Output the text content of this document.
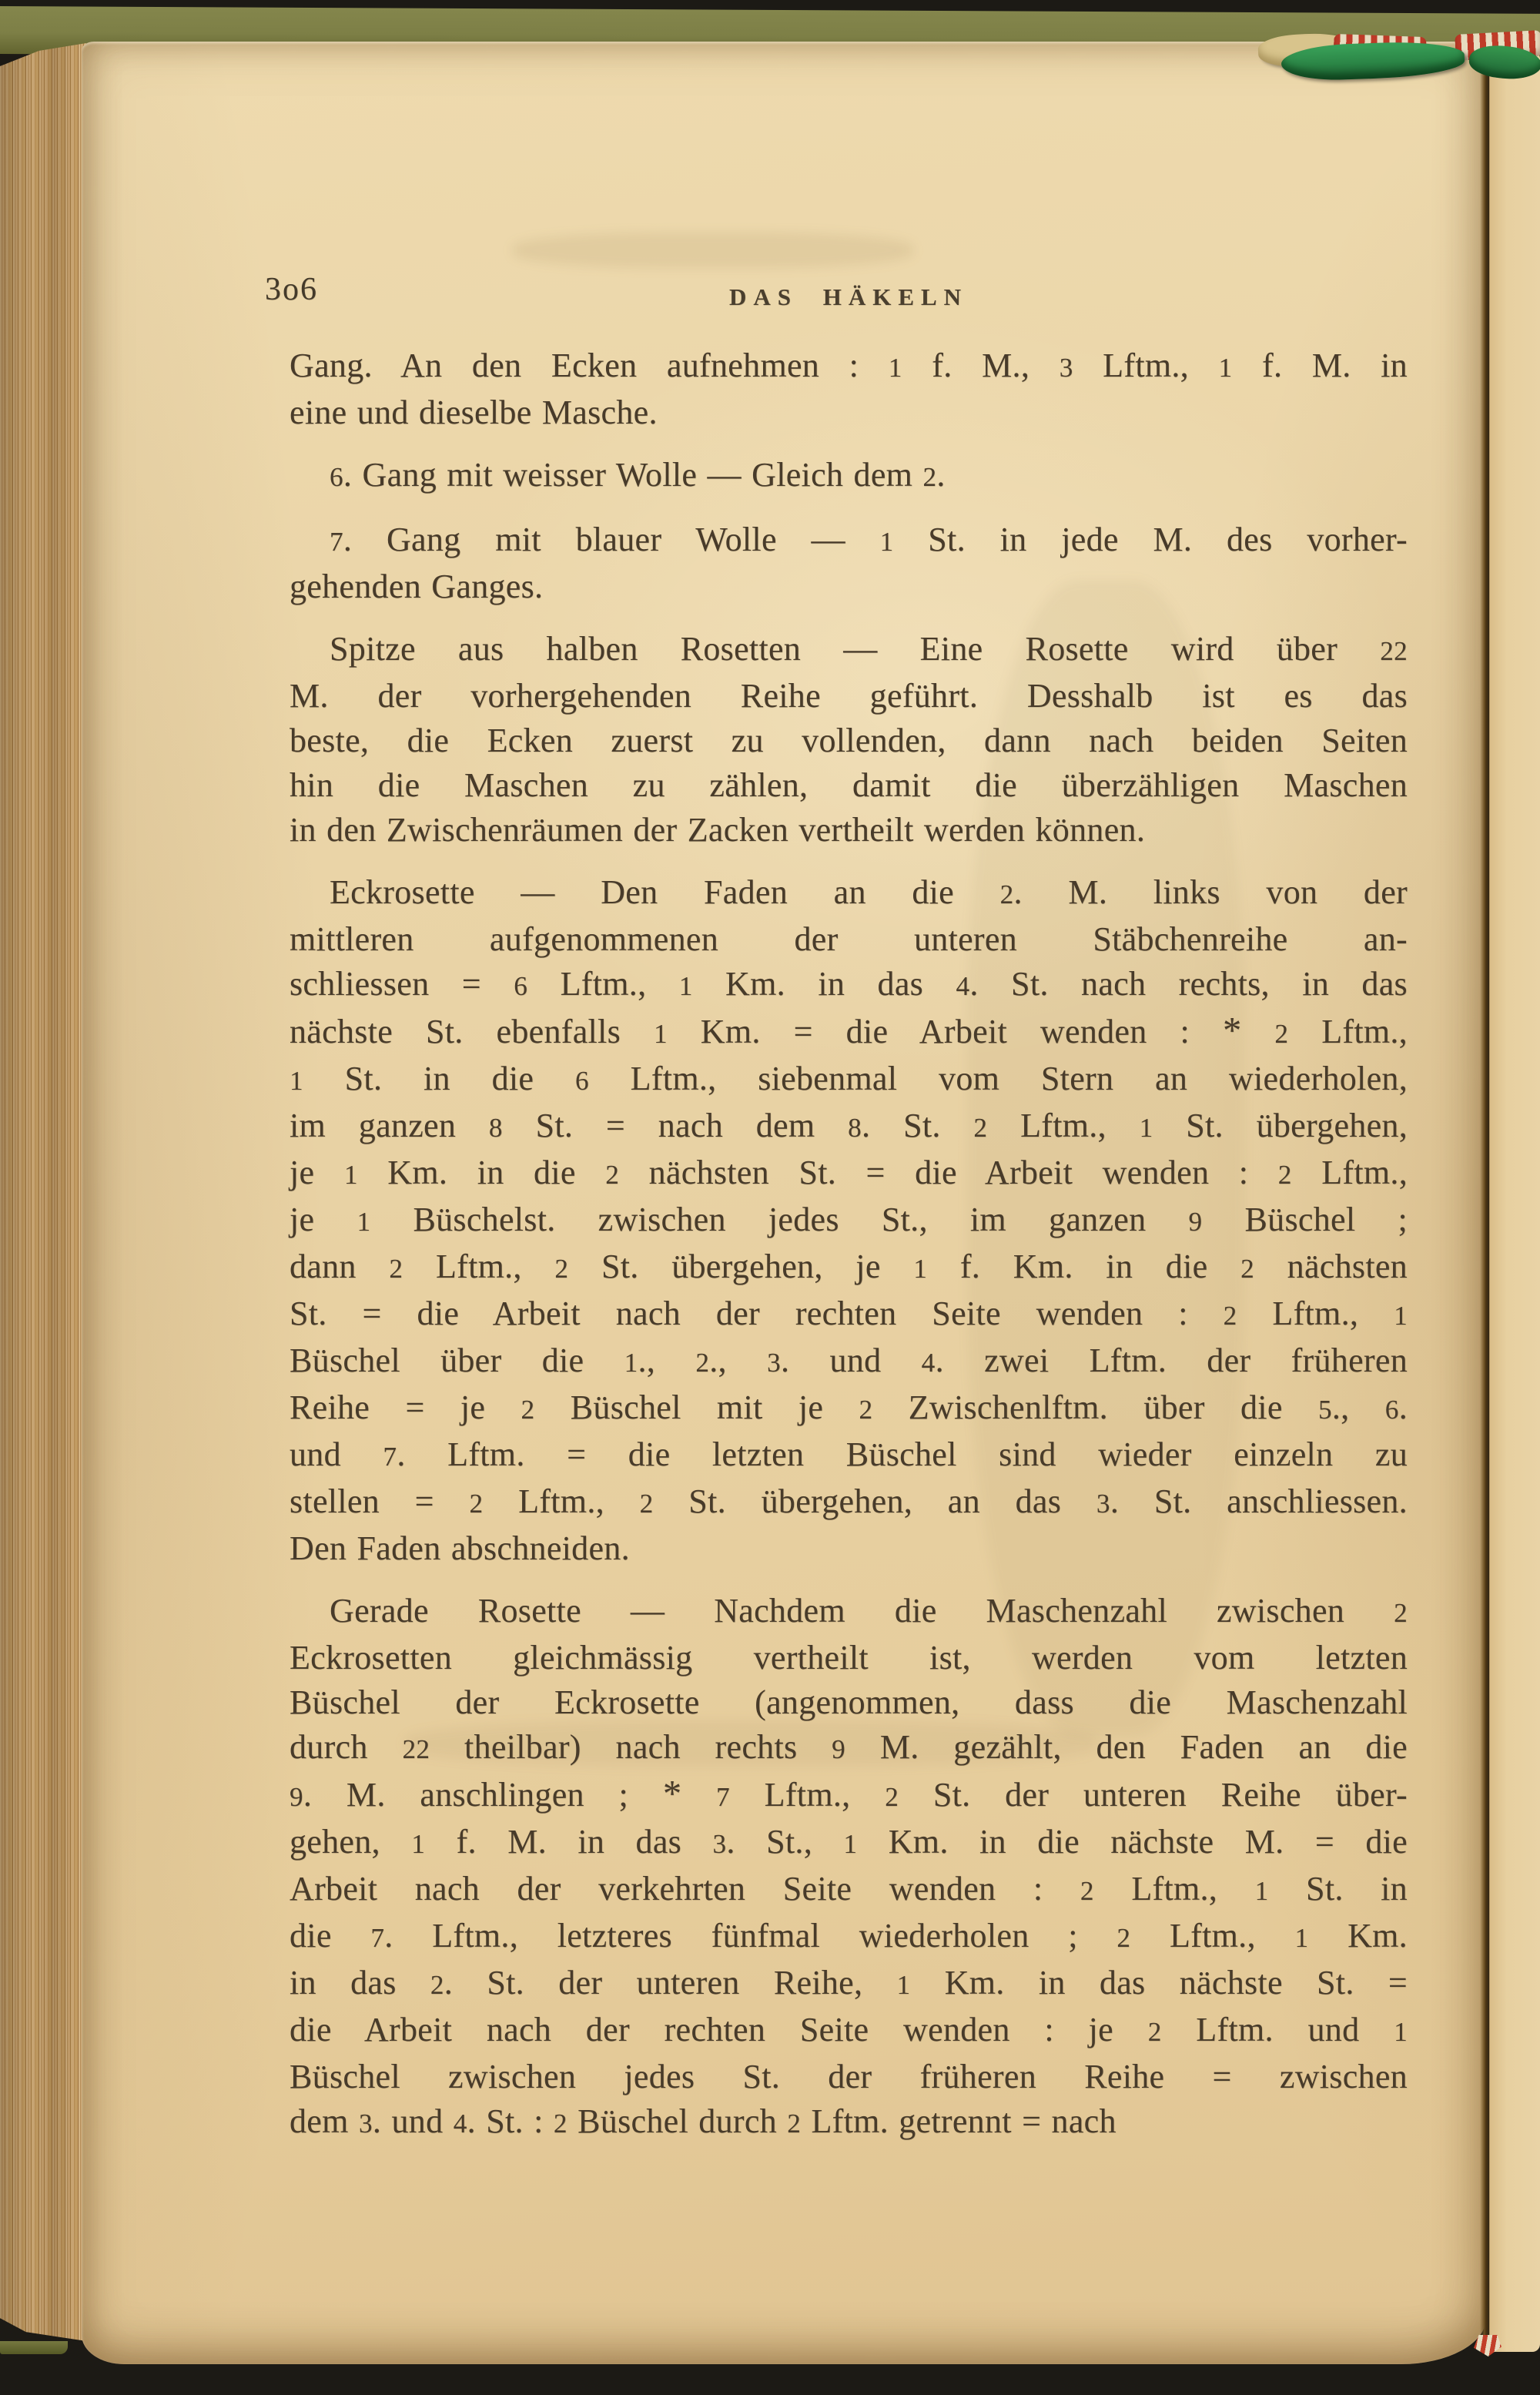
3o6	DAS HÄKELN
Gang. An den Ecken aufnehmen : 1 f. M., 3 Lftm., 1 f. M. in
eine und dieselbe Masche.
6. Gang mit weisser Wolle — Gleich dem 2.
7. Gang mit blauer Wolle — 1 St. in jede M. des vorher-
gehenden Ganges.
Spitze aus halben Rosetten — Eine Rosette wird über 22
M. der vorhergehenden Reihe geführt. Desshalb ist es das
beste, die Ecken zuerst zu vollenden, dann nach beiden Seiten
hin die Maschen zu zählen, damit die überzähligen Maschen
in den Zwischenräumen der Zacken vertheilt werden können.
Eckrosette — Den Faden an die 2. M. links von der
mittleren aufgenommenen der unteren Stäbchenreihe an-
schliessen = 6 Lftm., 1 Km. in das 4. St. nach rechts, in das
nächste St. ebenfalls 1 Km. = die Arbeit wenden : * 2 Lftm.,
1 St. in die 6 Lftm., siebenmal vom Stern an wiederholen,
im ganzen 8 St. = nach dem 8. St. 2 Lftm., 1 St. übergehen,
je 1 Km. in die 2 nächsten St. = die Arbeit wenden : 2 Lftm.,
je 1 Büschelst. zwischen jedes St., im ganzen 9 Büschel ;
dann 2 Lftm., 2 St. übergehen, je 1 f. Km. in die 2 nächsten
St. = die Arbeit nach der rechten Seite wenden : 2 Lftm., 1
Büschel über die 1., 2., 3. und 4. zwei Lftm. der früheren
Reihe = je 2 Büschel mit je 2 Zwischenlftm. über die 5., 6.
und 7. Lftm. = die letzten Büschel sind wieder einzeln zu
stellen = 2 Lftm., 2 St. übergehen, an das 3. St. anschliessen.
Den Faden abschneiden.
Gerade Rosette — Nachdem die Maschenzahl zwischen 2
Eckrosetten gleichmässig vertheilt ist, werden vom letzten
Büschel der Eckrosette (angenommen, dass die Maschenzahl
durch 22 theilbar) nach rechts 9 M. gezählt, den Faden an die
9. M. anschlingen ; * 7 Lftm., 2 St. der unteren Reihe über-
gehen, 1 f. M. in das 3. St., 1 Km. in die nächste M. = die
Arbeit nach der verkehrten Seite wenden : 2 Lftm., 1 St. in
die 7. Lftm., letzteres fünfmal wiederholen ; 2 Lftm., 1 Km.
in das 2. St. der unteren Reihe, 1 Km. in das nächste St. =
die Arbeit nach der rechten Seite wenden : je 2 Lftm. und 1
Büschel zwischen jedes St. der früheren Reihe = zwischen
dem 3. und 4. St. : 2 Büschel durch 2 Lftm. getrennt = nach
